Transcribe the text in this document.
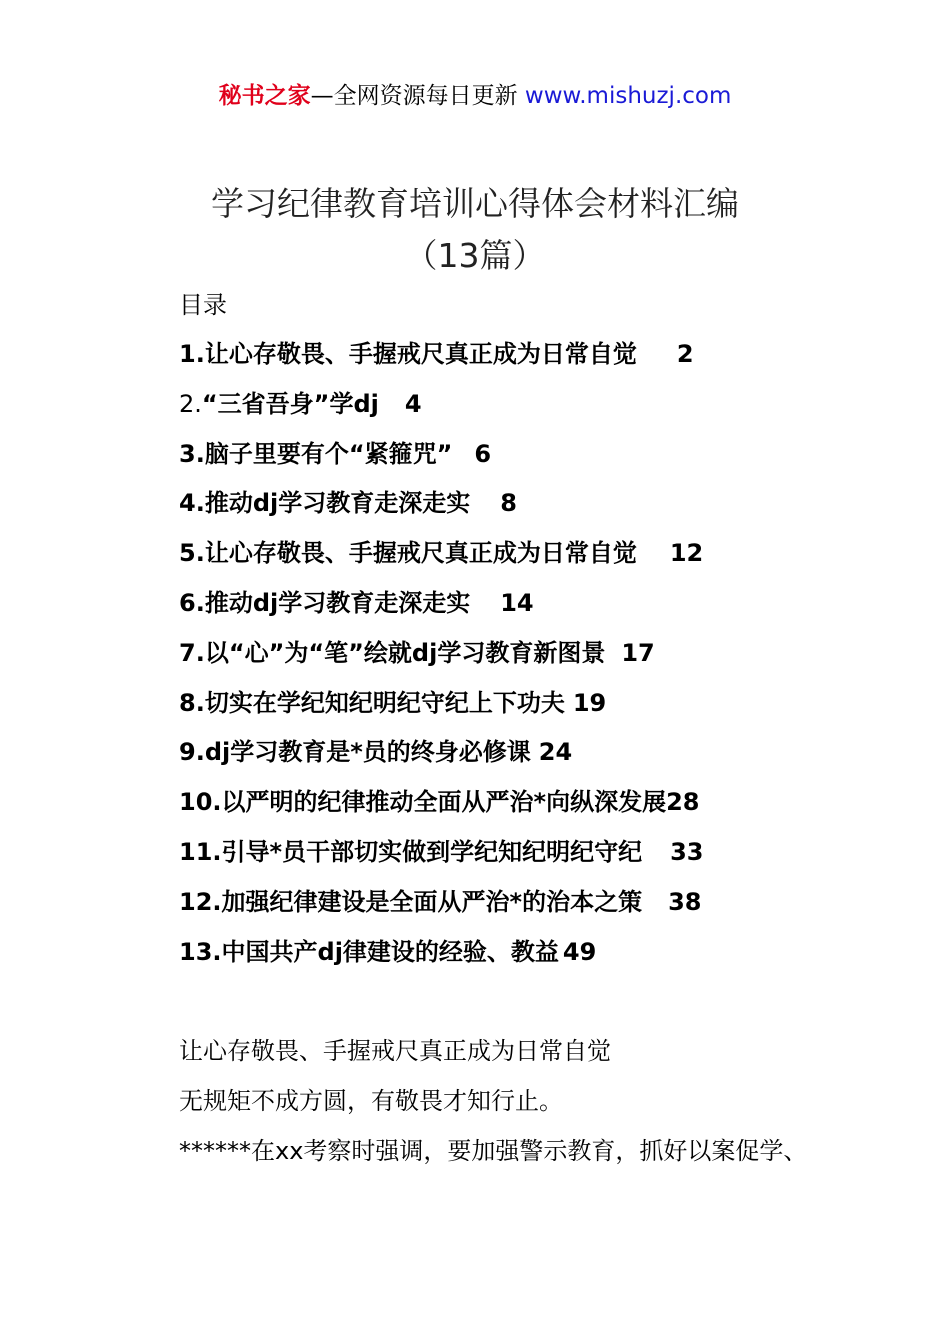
秘书之家—全网资源每日更新 www.mishuzj.com
学习纪律教育培训心得体会材料汇编
（13篇）
目录
1.让心存敬畏、手握戒尺真正成为日常自觉 2
2.“三省吾身”学dj 4
3.脑子里要有个“紧箍咒” 6
4.推动dj学习教育走深走实 8
5.让心存敬畏、手握戒尺真正成为日常自觉 12
6.推动dj学习教育走深走实 14
7.以“心”为“笔”绘就dj学习教育新图景 17
8.切实在学纪知纪明纪守纪上下功夫 19
9.dj学习教育是*员的终身必修课 24
10.以严明的纪律推动全面从严治*向纵深发展28
11.引导*员干部切实做到学纪知纪明纪守纪 33
12.加强纪律建设是全面从严治*的治本之策 38
13.中国共产dj律建设的经验、教益 49
让心存敬畏、手握戒尺真正成为日常自觉
无规矩不成方圆，有敬畏才知行止。
******在xx考察时强调，要加强警示教育，抓好以案促学、
